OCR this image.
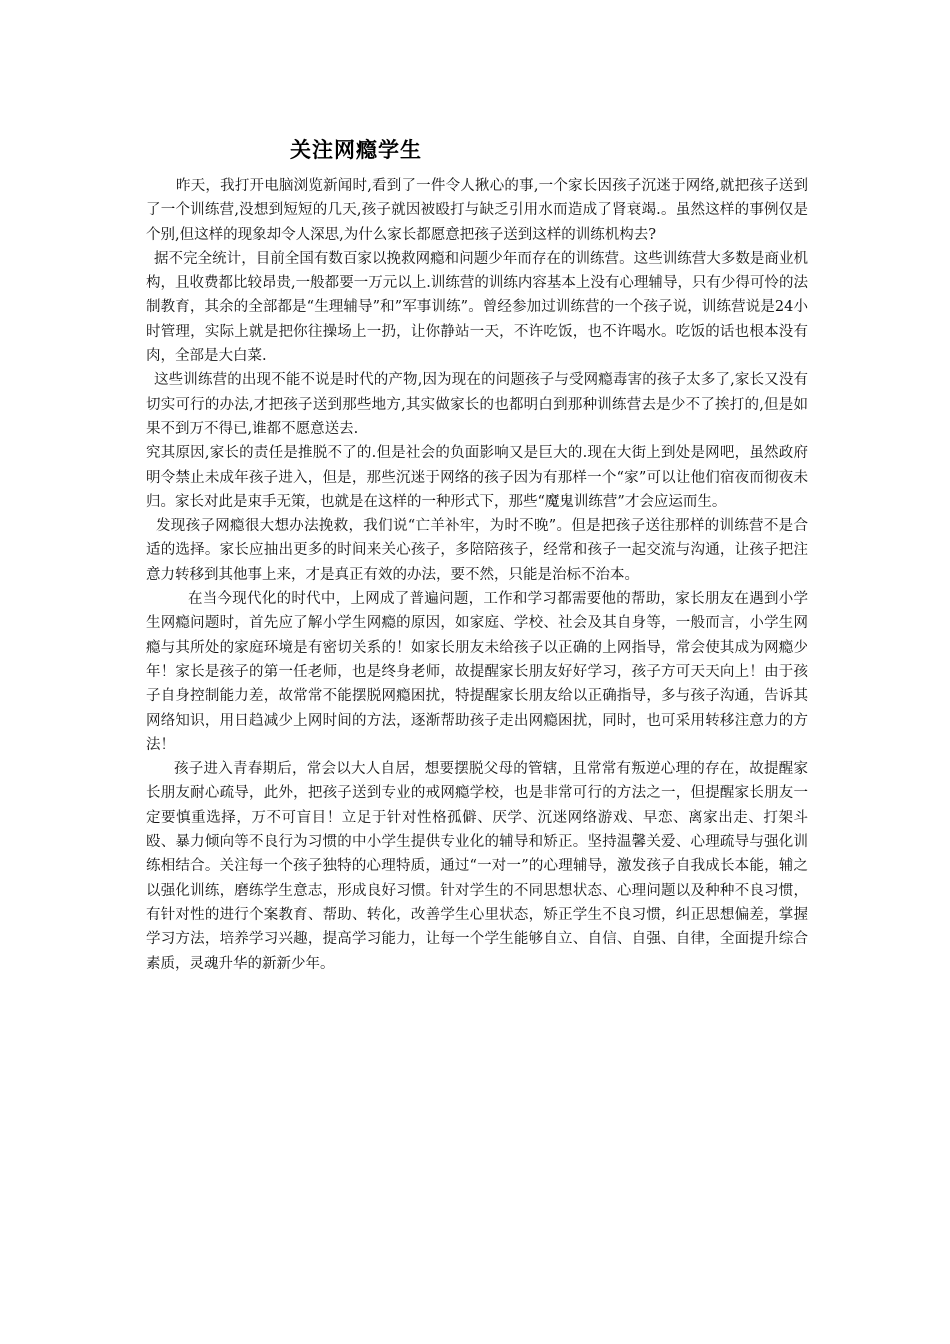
关注网瘾学生

昨天，我打开电脑浏览新闻时,看到了一件令人揪心的事,一个家长因孩子沉迷于网络,就把孩子送到了一个训练营,没想到短短的几天,孩子就因被殴打与缺乏引用水而造成了肾衰竭.。虽然这样的事例仅是个别,但这样的现象却令人深思,为什么家长都愿意把孩子送到这样的训练机构去?

据不完全统计，目前全国有数百家以挽救网瘾和问题少年而存在的训练营。这些训练营大多数是商业机构，且收费都比较昂贵,一般都要一万元以上.训练营的训练内容基本上没有心理辅导，只有少得可怜的法制教育，其余的全部都是“生理辅导”和”军事训练”。曾经参加过训练营的一个孩子说，训练营说是24小时管理，实际上就是把你往操场上一扔，让你静站一天，不许吃饭，也不许喝水。吃饭的话也根本没有肉，全部是大白菜.

这些训练营的出现不能不说是时代的产物,因为现在的问题孩子与受网瘾毒害的孩子太多了,家长又没有切实可行的办法,才把孩子送到那些地方,其实做家长的也都明白到那种训练营去是少不了挨打的,但是如果不到万不得已,谁都不愿意送去.

究其原因,家长的责任是推脱不了的.但是社会的负面影响又是巨大的.现在大街上到处是网吧，虽然政府明令禁止未成年孩子进入，但是，那些沉迷于网络的孩子因为有那样一个“家”可以让他们宿夜而彻夜未归。家长对此是束手无策，也就是在这样的一种形式下，那些“魔鬼训练营”才会应运而生。

发现孩子网瘾很大想办法挽救，我们说“亡羊补牢，为时不晚”。但是把孩子送往那样的训练营不是合适的选择。家长应抽出更多的时间来关心孩子，多陪陪孩子，经常和孩子一起交流与沟通，让孩子把注意力转移到其他事上来，才是真正有效的办法，要不然，只能是治标不治本。

在当今现代化的时代中，上网成了普遍问题，工作和学习都需要他的帮助，家长朋友在遇到小学生网瘾问题时，首先应了解小学生网瘾的原因，如家庭、学校、社会及其自身等，一般而言，小学生网瘾与其所处的家庭环境是有密切关系的！如家长朋友未给孩子以正确的上网指导，常会使其成为网瘾少年！家长是孩子的第一任老师，也是终身老师，故提醒家长朋友好好学习，孩子方可天天向上！由于孩子自身控制能力差，故常常不能摆脱网瘾困扰，特提醒家长朋友给以正确指导，多与孩子沟通，告诉其网络知识，用日趋减少上网时间的方法，逐渐帮助孩子走出网瘾困扰，同时，也可采用转移注意力的方法！

孩子进入青春期后，常会以大人自居，想要摆脱父母的管辖，且常常有叛逆心理的存在，故提醒家长朋友耐心疏导，此外，把孩子送到专业的戒网瘾学校，也是非常可行的方法之一，但提醒家长朋友一定要慎重选择，万不可盲目！立足于针对性格孤僻、厌学、沉迷网络游戏、早恋、离家出走、打架斗殴、暴力倾向等不良行为习惯的中小学生提供专业化的辅导和矫正。坚持温馨关爱、心理疏导与强化训练相结合。关注每一个孩子独特的心理特质，通过“一对一”的心理辅导，激发孩子自我成长本能，辅之以强化训练，磨练学生意志，形成良好习惯。针对学生的不同思想状态、心理问题以及种种不良习惯，有针对性的进行个案教育、帮助、转化，改善学生心里状态，矫正学生不良习惯，纠正思想偏差，掌握学习方法，培养学习兴趣，提高学习能力，让每一个学生能够自立、自信、自强、自律，全面提升综合素质，灵魂升华的新新少年。
